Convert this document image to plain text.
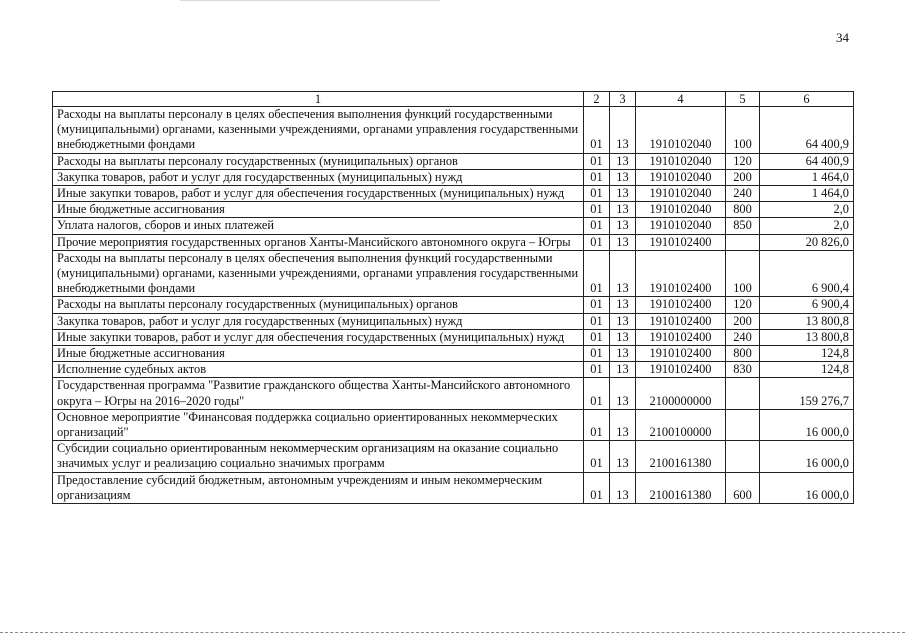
34
1	2	3	4	5	6
Расходы на выплаты персоналу в целях обеспечения выполнения функций государственными (муниципальными) органами, казенными учреждениями, органами управления государственными внебюджетными фондами	01	13	1910102040	100	64 400,9
Расходы на выплаты персоналу государственных (муниципальных) органов	01	13	1910102040	120	64 400,9
Закупка товаров, работ и услуг для государственных (муниципальных) нужд	01	13	1910102040	200	1 464,0
Иные закупки товаров, работ и услуг для обеспечения государственных (муниципальных) нужд	01	13	1910102040	240	1 464,0
Иные бюджетные ассигнования	01	13	1910102040	800	2,0
Уплата налогов, сборов и иных платежей	01	13	1910102040	850	2,0
Прочие мероприятия государственных органов Ханты-Мансийского автономного округа – Югры	01	13	1910102400		20 826,0
Расходы на выплаты персоналу в целях обеспечения выполнения функций государственными (муниципальными) органами, казенными учреждениями, органами управления государственными внебюджетными фондами	01	13	1910102400	100	6 900,4
Расходы на выплаты персоналу государственных (муниципальных) органов	01	13	1910102400	120	6 900,4
Закупка товаров, работ и услуг для государственных (муниципальных) нужд	01	13	1910102400	200	13 800,8
Иные закупки товаров, работ и услуг для обеспечения государственных (муниципальных) нужд	01	13	1910102400	240	13 800,8
Иные бюджетные ассигнования	01	13	1910102400	800	124,8
Исполнение судебных актов	01	13	1910102400	830	124,8
Государственная программа "Развитие гражданского общества Ханты-Мансийского автономного округа – Югры на 2016–2020 годы"	01	13	2100000000		159 276,7
Основное мероприятие "Финансовая поддержка социально ориентированных некоммерческих организаций"	01	13	2100100000		16 000,0
Субсидии социально ориентированным некоммерческим организациям на оказание социально значимых услуг и реализацию социально значимых программ	01	13	2100161380		16 000,0
Предоставление субсидий бюджетным, автономным учреждениям и иным некоммерческим организациям	01	13	2100161380	600	16 000,0
